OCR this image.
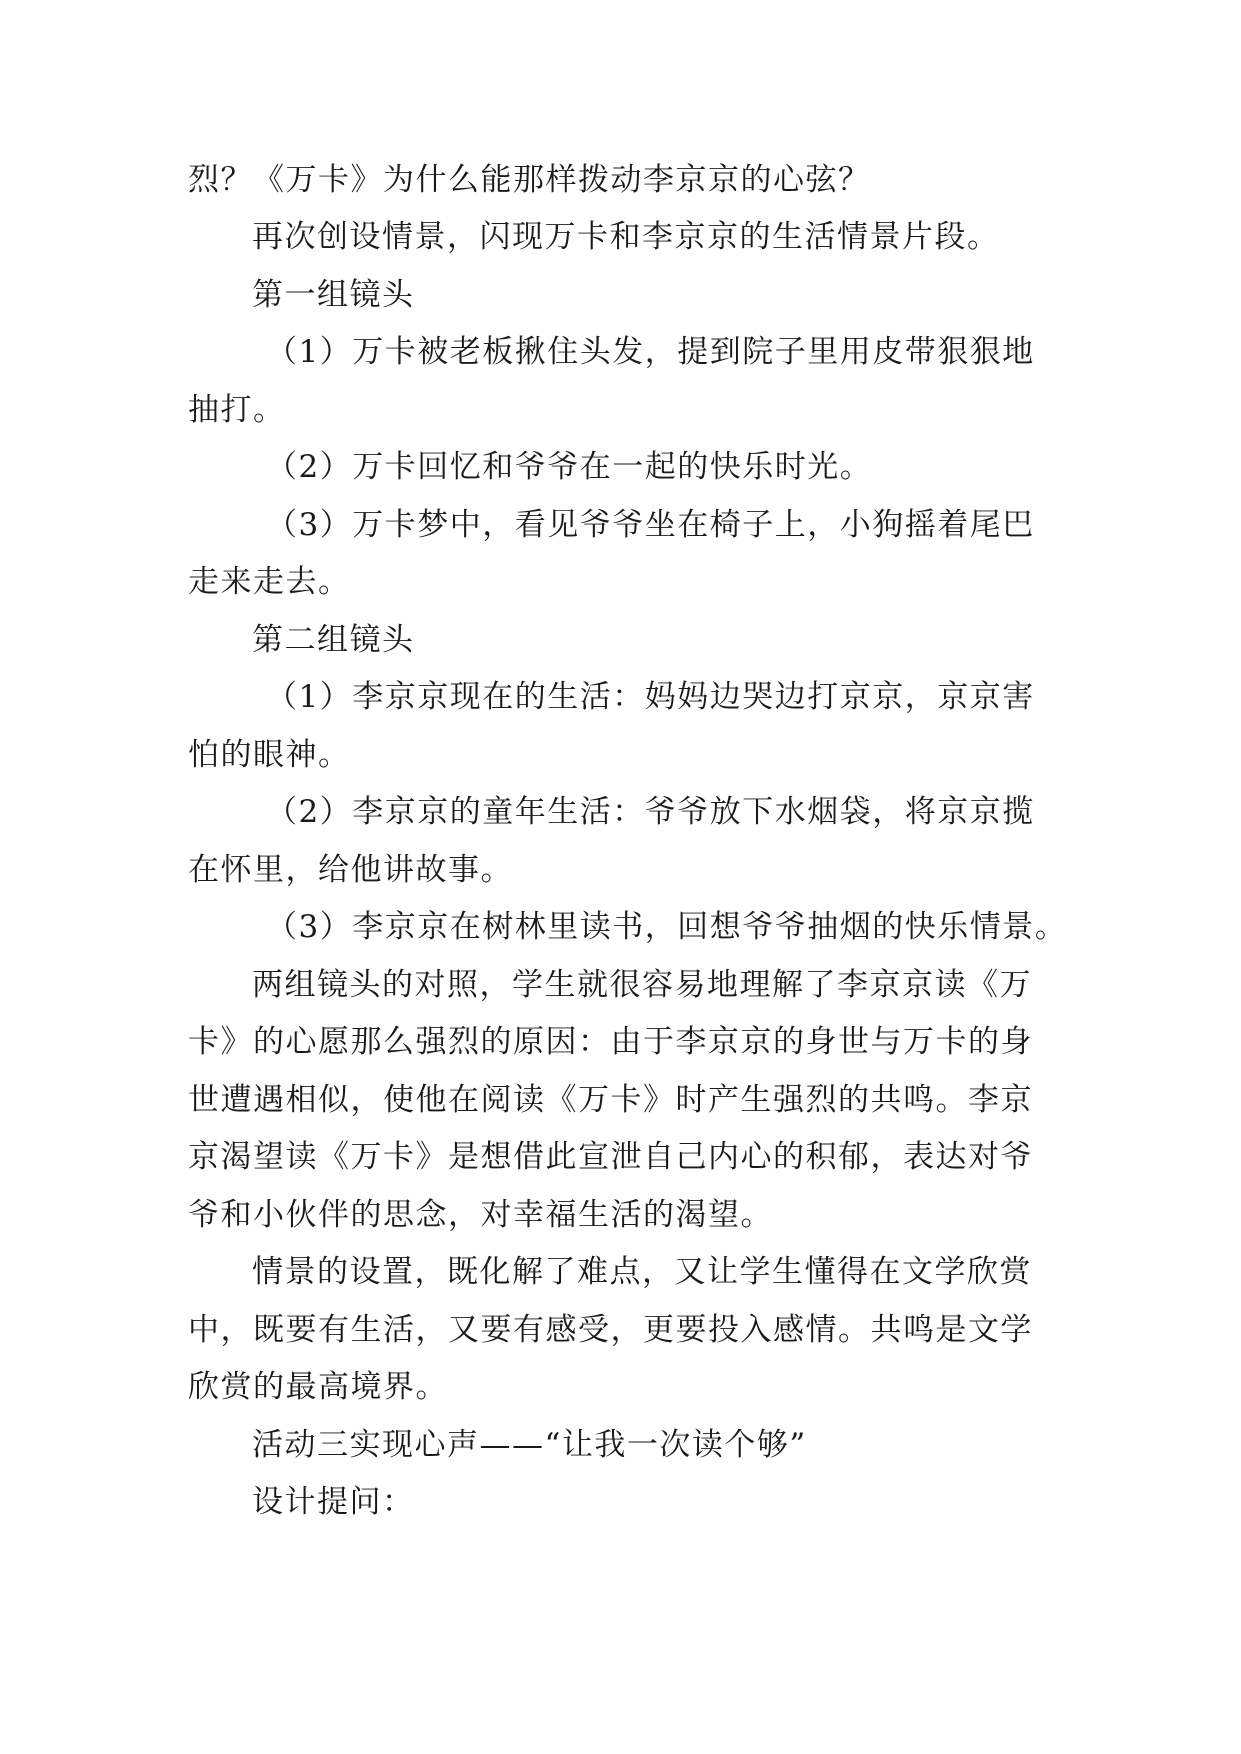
烈？《万卡》为什么能那样拨动李京京的心弦？
再次创设情景，闪现万卡和李京京的生活情景片段。
第一组镜头
（1）万卡被老板揪住头发，提到院子里用皮带狠狠地
抽打。
（2）万卡回忆和爷爷在一起的快乐时光。
（3）万卡梦中，看见爷爷坐在椅子上，小狗摇着尾巴
走来走去。
第二组镜头
（1）李京京现在的生活：妈妈边哭边打京京，京京害
怕的眼神。
（2）李京京的童年生活：爷爷放下水烟袋，将京京揽
在怀里，给他讲故事。
（3）李京京在树林里读书，回想爷爷抽烟的快乐情景。
两组镜头的对照，学生就很容易地理解了李京京读《万
卡》的心愿那么强烈的原因：由于李京京的身世与万卡的身
世遭遇相似，使他在阅读《万卡》时产生强烈的共鸣。李京
京渴望读《万卡》是想借此宣泄自己内心的积郁，表达对爷
爷和小伙伴的思念，对幸福生活的渴望。
情景的设置，既化解了难点，又让学生懂得在文学欣赏
中，既要有生活，又要有感受，更要投入感情。共鸣是文学
欣赏的最高境界。
活动三实现心声——“让我一次读个够”
设计提问：
